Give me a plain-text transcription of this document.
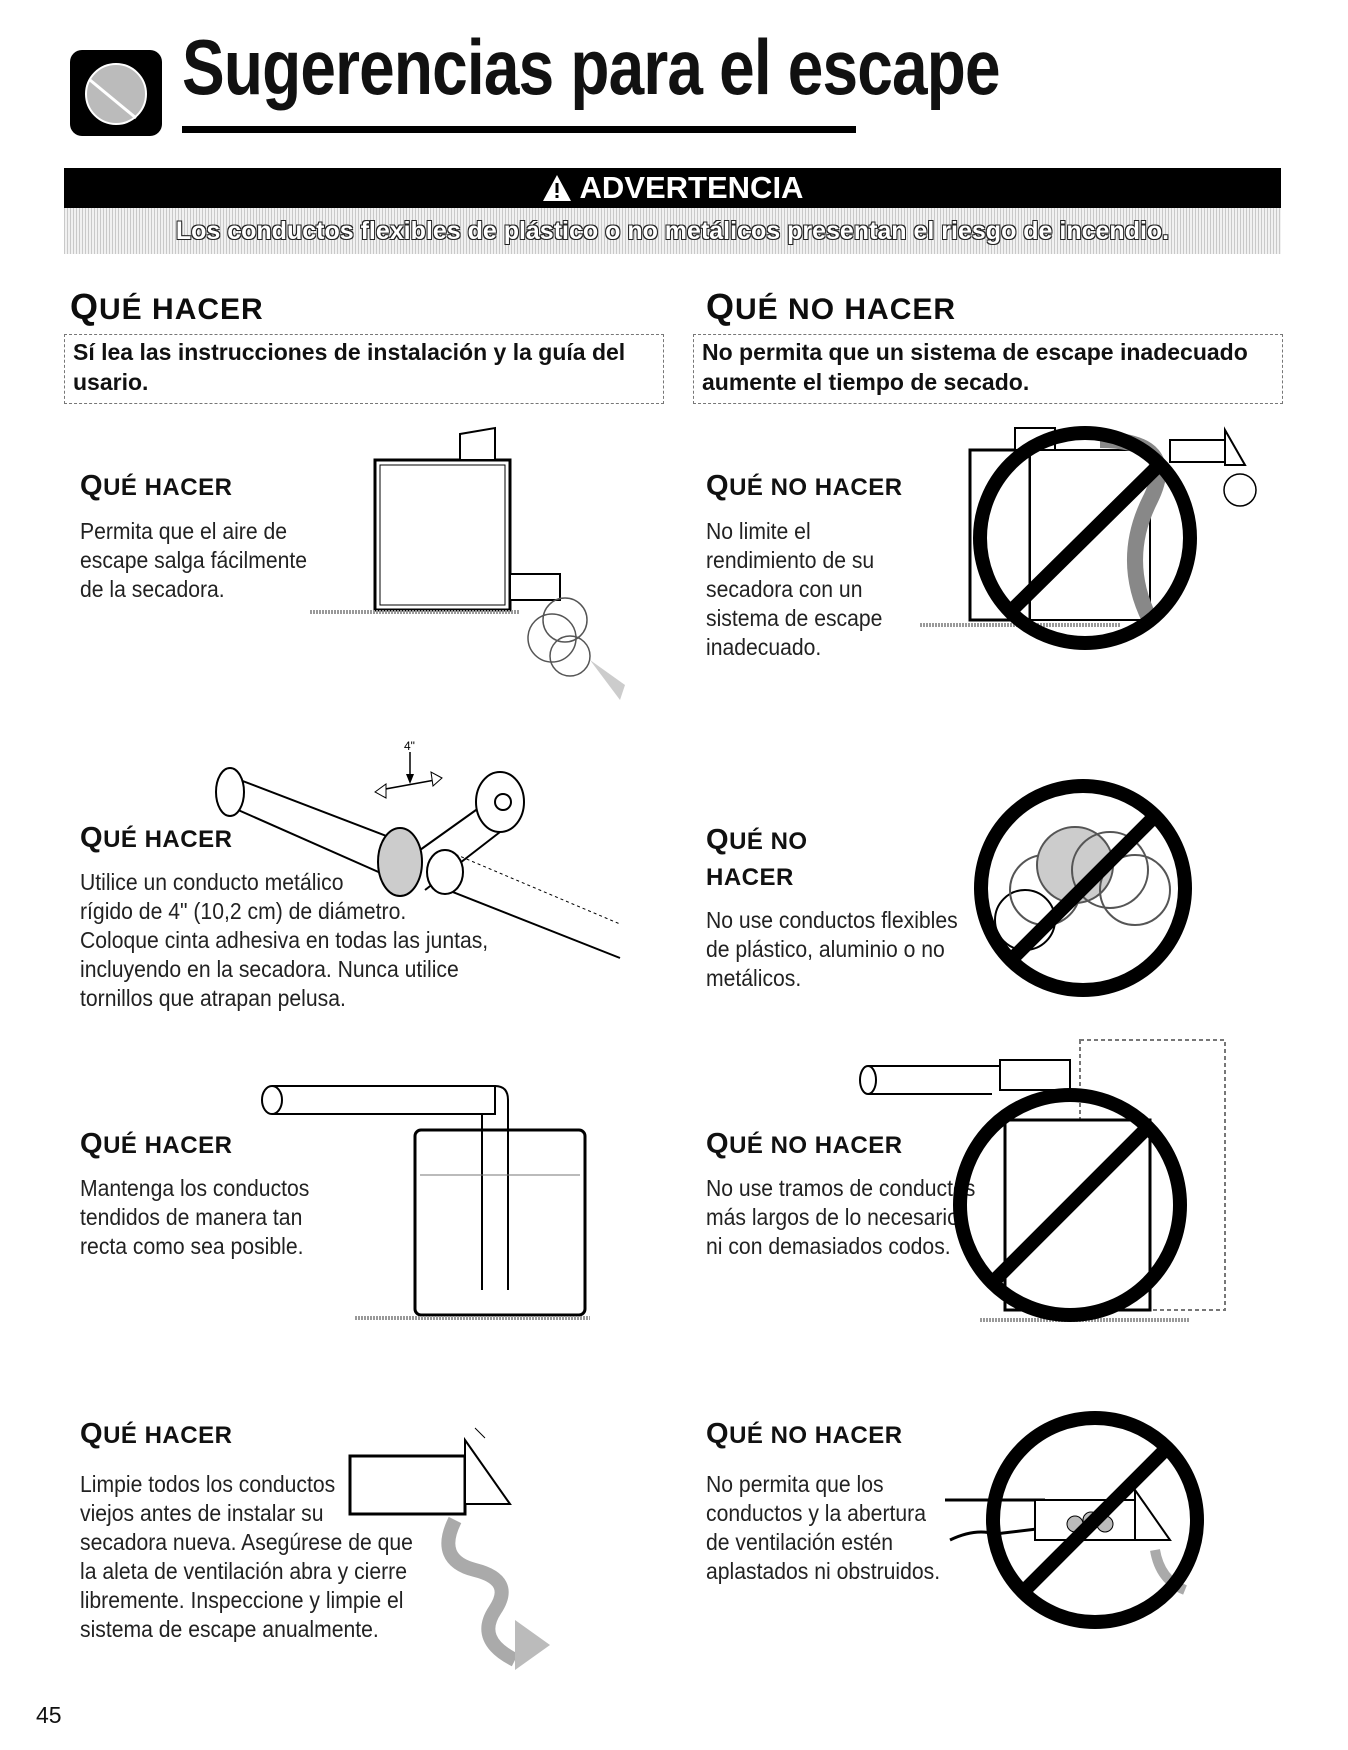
Sugerencias para el escape
ADVERTENCIA
Los conductos flexibles de plástico o no metálicos presentan el riesgo de incendio.
QUÉ HACER
Sí lea las instrucciones de instalación y la guía del usario.
QUÉ NO HACER
No permita que un sistema de escape inadecuado aumente el tiempo de secado.
QUÉ HACER
Permita que el aire de
escape salga fácilmente
de la secadora.
QUÉ HACER
Utilice un conducto metálico
rígido de 4" (10,2 cm) de diámetro.
Coloque cinta adhesiva en todas las juntas,
incluyendo en la secadora. Nunca utilice
tornillos que atrapan pelusa.
4"
QUÉ HACER
Mantenga los conductos
tendidos de manera tan
recta como sea posible.
QUÉ HACER
Limpie todos los conductos
viejos antes de instalar su
secadora nueva. Asegúrese de que
la aleta de ventilación abra y cierre
libremente. Inspeccione y limpie el
sistema de escape anualmente.
QUÉ NO HACER
No limite el
rendimiento de su
secadora con un
sistema de escape
inadecuado.
QUÉ NO
HACER
No use conductos flexibles
de plástico, aluminio o no
metálicos.
QUÉ NO HACER
No use tramos de conductos
más largos de lo necesario
ni con demasiados codos.
QUÉ NO HACER
No permita que los
conductos y la abertura
de ventilación estén
aplastados ni obstruidos.
45
